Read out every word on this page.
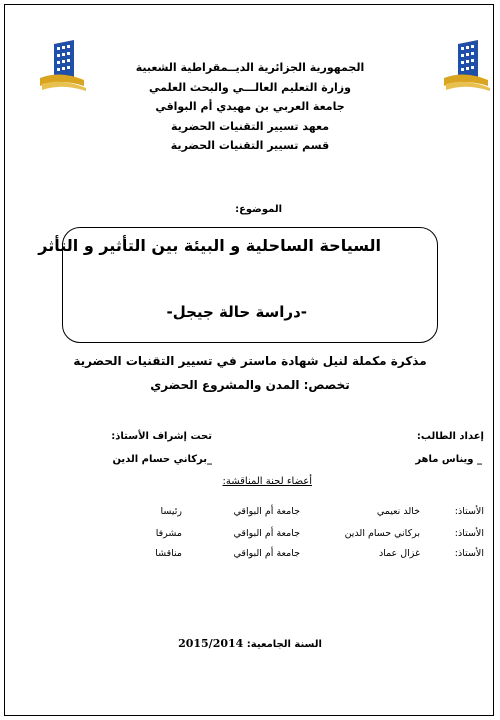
الجمهورية الجزائرية الديــمقراطية الشعبية
وزارة التعليم العالـــي والبحث العلمي
جامعة العربي بن مهيدي أم البواقي
معهد تسيير التقنيات الحضرية
قسم تسيير التقنيات الحضرية
الموضوع:
السياحة الساحلية و البيئة بين التأثير و التأثر
-دراسة حالة جيجل-
مذكرة مكملة لنيل شهادة ماستر في تسيير التقنيات الحضرية
تخصص: المدن والمشروع الحضري
إعداد الطالب:
_ ويناس ماهر
تحت إشراف الأستاذ:
_بركاني حسام الدين
أعضاء لجنة المناقشة:
الأستاذ:
خالد نعيمي
جامعة أم البواقي
رئيسا
الأستاذ:
بركاني حسام الدين
جامعة أم البواقي
مشرفا
الأستاذ:
غزال عماد
جامعة أم البواقي
مناقشا
السنة الجامعية: 2015/2014
